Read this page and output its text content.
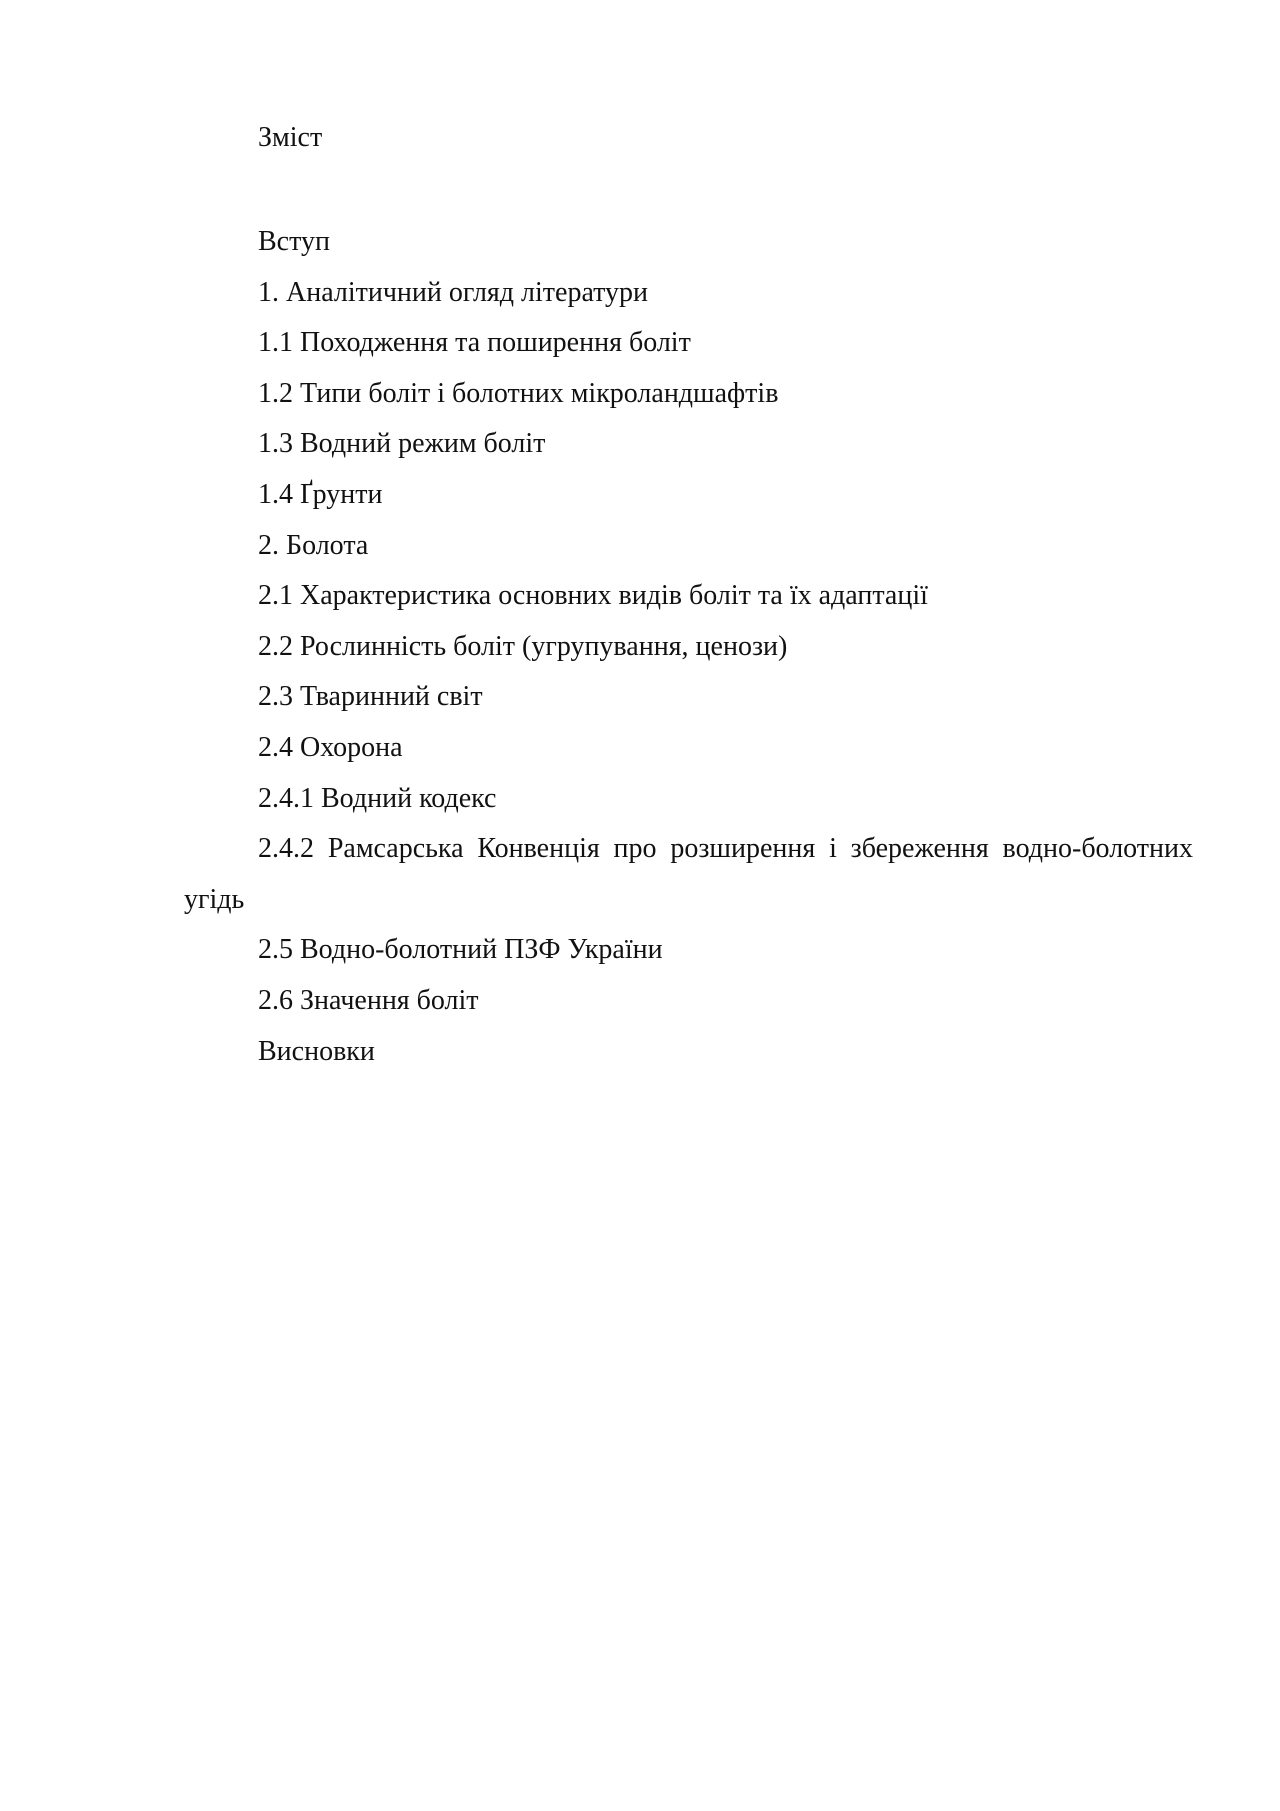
Зміст
Вступ
1. Аналітичний огляд літератури
1.1 Походження та поширення боліт
1.2 Типи боліт і болотних мікроландшафтів
1.3 Водний режим боліт
1.4 Ґрунти
2. Болота
2.1 Характеристика основних видів боліт та їх адаптації
2.2 Рослинність боліт (угрупування, ценози)
2.3 Тваринний світ
2.4 Охорона
2.4.1 Водний кодекс
2.4.2 Рамсарська Конвенція про розширення і збереження водно-болотних угідь
2.5 Водно-болотний ПЗФ України
2.6 Значення боліт
Висновки
